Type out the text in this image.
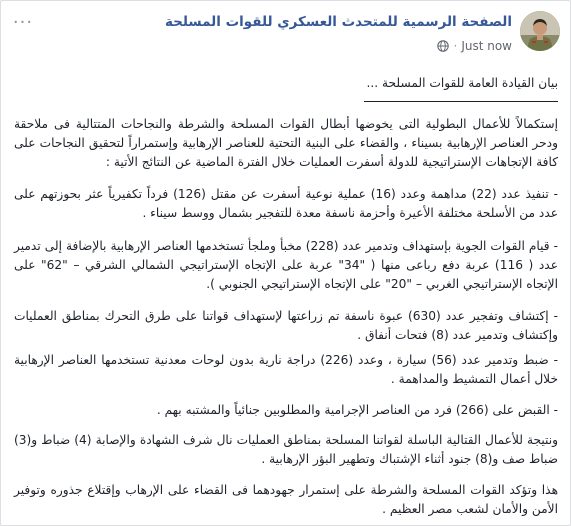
···	الصفحة الرسمية للمتحدث العسكري للقوات المسلحة
Just now
·

بيان القيادة العامة للقوات المسلحة ...

إستكمالاً للأعمال البطولية التى يخوضها أبطال القوات المسلحة والشرطة والنجاحات المتتالية فى ملاحقة ودحر العناصر الإرهابية بسيناء ، والقضاء على البنية التحتية للعناصر الإرهابية وإستمراراً لتحقيق النجاحات على كافة الإتجاهات الإستراتيجية للدولة أسفرت العمليات خلال الفترة الماضية عن النتائج الأتية :

- تنفيذ عدد (22) مداهمة وعدد (16) عملية نوعية أسفرت عن مقتل (126) فرداً تكفيرياً عثر بحوزتهم على عدد من الأسلحة مختلفة الأعيرة وأحزمة ناسفة معدة للتفجير بشمال ووسط سيناء .

- قيام القوات الجوية بإستهداف وتدمير عدد (228) مخبأ وملجأ تستخدمها العناصر الإرهابية بالإضافة إلى تدمير عدد ( 116) عربة دفع رباعى منها ( "34" عربة على الإتجاه الإستراتيجي الشمالي الشرقي – "62" على الإتجاه الإستراتيجي الغربي – "20" على الإتجاه الإستراتيجي الجنوبي ).

- إكتشاف وتفجير عدد (630) عبوة ناسفة تم زراعتها لإستهداف قواتنا على طرق التحرك بمناطق العمليات وإكتشاف وتدمير عدد (8) فتحات أنفاق .

- ضبط وتدمير عدد (56) سيارة ، وعدد (226) دراجة نارية بدون لوحات معدنية تستخدمها العناصر الإرهابية خلال أعمال التمشيط والمداهمة .

- القبض على (266) فرد من العناصر الإجرامية والمطلوبين جنائياً والمشتبه بهم .

ونتيجة للأعمال القتالية الباسلة لقواتنا المسلحة بمناطق العمليات نال شرف الشهادة والإصابة (4) ضباط و(3) ضباط صف و(8) جنود أثناء الإشتباك وتطهير البؤر الإرهابية .

هذا وتؤكد القوات المسلحة والشرطة على إستمرار جهودهما فى القضاء على الإرهاب وإقتلاع جذوره وتوفير الأمن والأمان لشعب مصر العظيم .
